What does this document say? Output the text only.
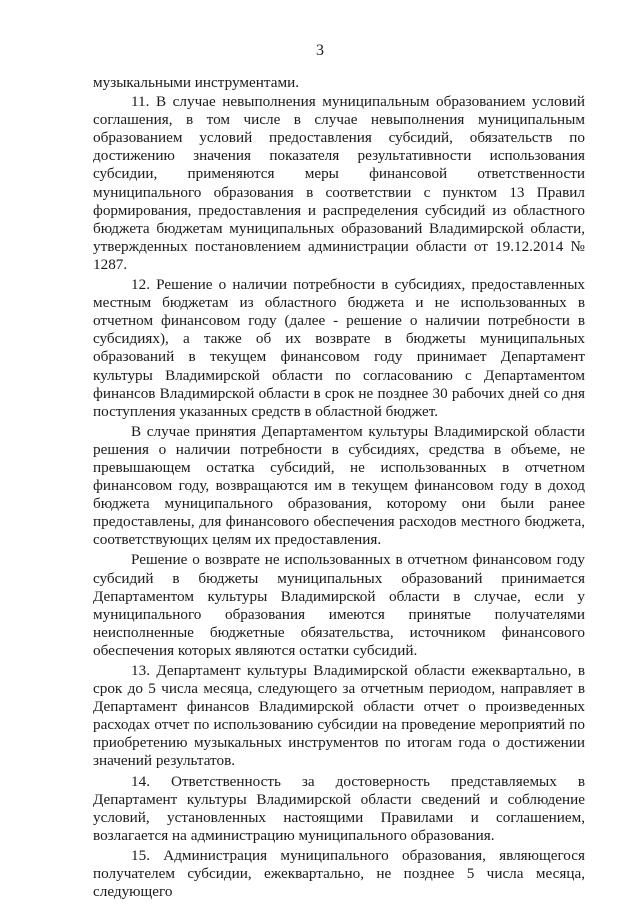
3

музыкальными инструментами.

11. В случае невыполнения муниципальным образованием условий соглашения, в том числе в случае невыполнения муниципальным образованием условий предоставления субсидий, обязательств по достижению значения показателя результативности использования субсидии, применяются меры финансовой ответственности муниципального образования в соответствии с пунктом 13 Правил формирования, предоставления и распределения субсидий из областного бюджета бюджетам муниципальных образований Владимирской области, утвержденных постановлением администрации области от 19.12.2014 № 1287.

12. Решение о наличии потребности в субсидиях, предоставленных местным бюджетам из областного бюджета и не использованных в отчетном финансовом году (далее - решение о наличии потребности в субсидиях), а также об их возврате в бюджеты муниципальных образований в текущем финансовом году принимает Департамент культуры Владимирской области по согласованию с Департаментом финансов Владимирской области в срок не позднее 30 рабочих дней со дня поступления указанных средств в областной бюджет.

В случае принятия Департаментом культуры Владимирской области решения о наличии потребности в субсидиях, средства в объеме, не превышающем остатка субсидий, не использованных в отчетном финансовом году, возвращаются им в текущем финансовом году в доход бюджета муниципального образования, которому они были ранее предоставлены, для финансового обеспечения расходов местного бюджета, соответствующих целям их предоставления.

Решение о возврате не использованных в отчетном финансовом году субсидий в бюджеты муниципальных образований принимается Департаментом культуры Владимирской области в случае, если у муниципального образования имеются принятые получателями неисполненные бюджетные обязательства, источником финансового обеспечения которых являются остатки субсидий.

13. Департамент культуры Владимирской области ежеквартально, в срок до 5 числа месяца, следующего за отчетным периодом, направляет в Департамент финансов Владимирской области отчет о произведенных расходах отчет по использованию субсидии на проведение мероприятий по приобретению музыкальных инструментов по итогам года о достижении значений результатов.

14. Ответственность за достоверность представляемых в Департамент культуры Владимирской области сведений и соблюдение условий, установленных настоящими Правилами и соглашением, возлагается на администрацию муниципального образования.

15. Администрация муниципального образования, являющегося получателем субсидии, ежеквартально, не позднее 5 числа месяца, следующего
